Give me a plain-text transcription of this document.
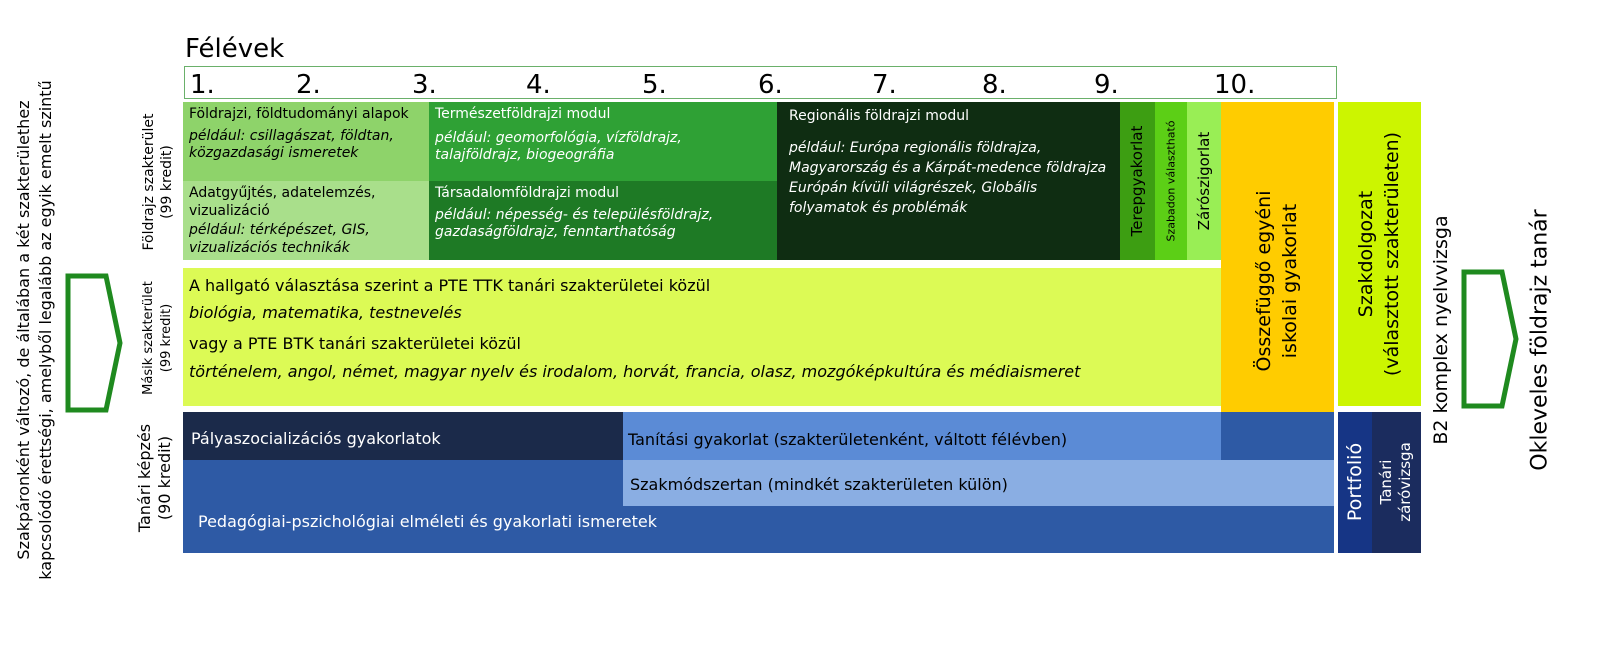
Szakpáronként változó, de általában a két szakterülethez kapcsolódó érettségi, amelyből legalább az egyik emelt szintű
Félévek
1.	2.	3.	4.	5.	6.	7.	8.	9.	10.
Földrajz szakterület (99 kredit)
Másik szakterület (99 kredit)
Tanári képzés (90 kredit)
Földrajzi, földtudományi alapok
például: csillagászat, földtan, közgazdasági ismeretek
Adatgyűjtés, adatelemzés, vizualizáció
például: térképészet, GIS, vizualizációs technikák
Természetföldrajzi modul
például: geomorfológia, vízföldrajz, talajföldrajz, biogeográfia
Társadalomföldrajzi modul
például: népesség- és településföldrajz, gazdaságföldrajz, fenntarthatóság
Regionális földrajzi modul
például: Európa regionális földrajza, Magyarország és a Kárpát-medence földrajza Európán kívüli világrészek, Globális folyamatok és problémák	Terepgyakorlat Szabadon választható Zárószigorlat
A hallgató választása szerint a PTE TTK tanári szakterületei közül
biológia, matematika, testnevelés
vagy a PTE BTK tanári szakterületei közül
történelem, angol, német, magyar nyelv és irodalom, horvát, francia, olasz, mozgóképkultúra és médiaismeret
Összefüggő egyéni iskolai gyakorlat	Szakdolgozat (választott szakterületen)
Pedagógiai-pszichológiai elméleti és gyakorlati ismeretek
Pályaszocializációs gyakorlatok	Tanítási gyakorlat (szakterületenként, váltott félévben)
Szakmódszertan (mindkét szakterületen külön)	Portfolió Tanári záróvizsga
B2 komplex nyelvvizsga	Okleveles földrajz tanár
